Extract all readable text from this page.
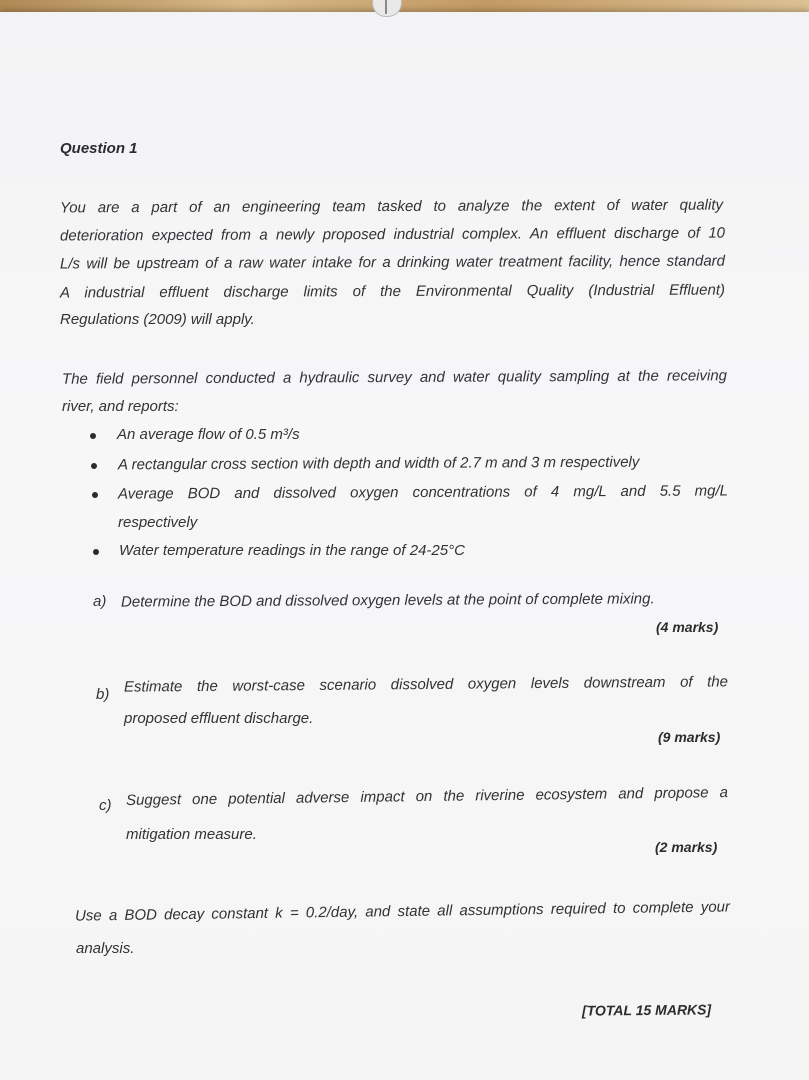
Question 1
You are a part of an engineering team tasked to analyze the extent of water quality
deterioration expected from a newly proposed industrial complex. An effluent discharge of 10
L/s will be upstream of a raw water intake for a drinking water treatment facility, hence standard
A industrial effluent discharge limits of the Environmental Quality (Industrial Effluent)
Regulations (2009) will apply.
The field personnel conducted a hydraulic survey and water quality sampling at the receiving
river, and reports:
An average flow of 0.5 m³/s
A rectangular cross section with depth and width of 2.7 m and 3 m respectively
Average BOD and dissolved oxygen concentrations of 4 mg/L and 5.5 mg/L
respectively
Water temperature readings in the range of 24-25°C
a) Determine the BOD and dissolved oxygen levels at the point of complete mixing.
(4 marks)
b) Estimate the worst-case scenario dissolved oxygen levels downstream of the
proposed effluent discharge.
(9 marks)
c) Suggest one potential adverse impact on the riverine ecosystem and propose a
mitigation measure.
(2 marks)
Use a BOD decay constant k = 0.2/day, and state all assumptions required to complete your
analysis.
[TOTAL 15 MARKS]
